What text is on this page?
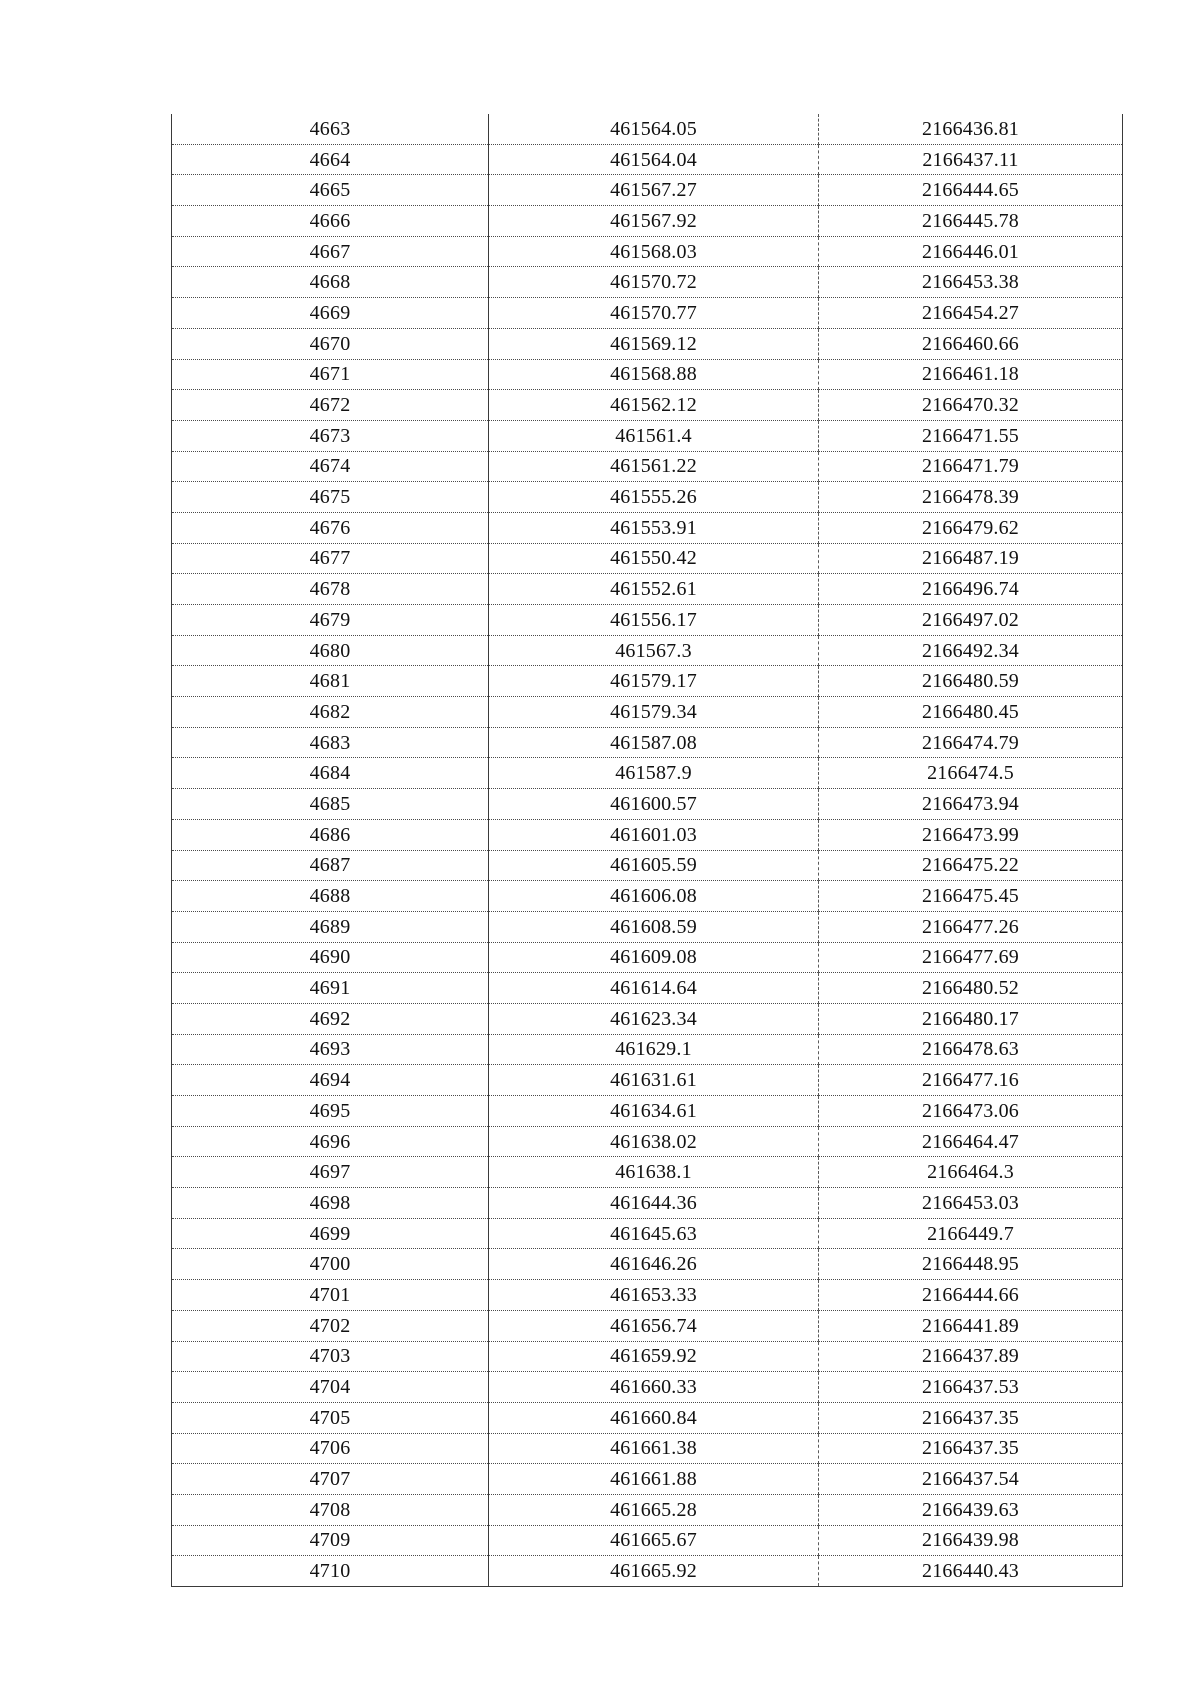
4663	461564.05	2166436.81
4664	461564.04	2166437.11
4665	461567.27	2166444.65
4666	461567.92	2166445.78
4667	461568.03	2166446.01
4668	461570.72	2166453.38
4669	461570.77	2166454.27
4670	461569.12	2166460.66
4671	461568.88	2166461.18
4672	461562.12	2166470.32
4673	461561.4	2166471.55
4674	461561.22	2166471.79
4675	461555.26	2166478.39
4676	461553.91	2166479.62
4677	461550.42	2166487.19
4678	461552.61	2166496.74
4679	461556.17	2166497.02
4680	461567.3	2166492.34
4681	461579.17	2166480.59
4682	461579.34	2166480.45
4683	461587.08	2166474.79
4684	461587.9	2166474.5
4685	461600.57	2166473.94
4686	461601.03	2166473.99
4687	461605.59	2166475.22
4688	461606.08	2166475.45
4689	461608.59	2166477.26
4690	461609.08	2166477.69
4691	461614.64	2166480.52
4692	461623.34	2166480.17
4693	461629.1	2166478.63
4694	461631.61	2166477.16
4695	461634.61	2166473.06
4696	461638.02	2166464.47
4697	461638.1	2166464.3
4698	461644.36	2166453.03
4699	461645.63	2166449.7
4700	461646.26	2166448.95
4701	461653.33	2166444.66
4702	461656.74	2166441.89
4703	461659.92	2166437.89
4704	461660.33	2166437.53
4705	461660.84	2166437.35
4706	461661.38	2166437.35
4707	461661.88	2166437.54
4708	461665.28	2166439.63
4709	461665.67	2166439.98
4710	461665.92	2166440.43
